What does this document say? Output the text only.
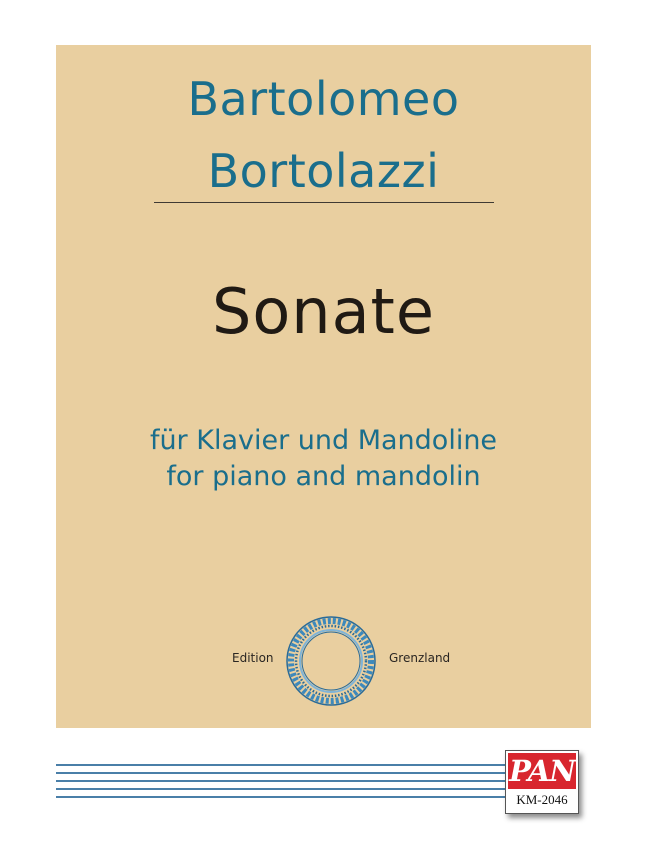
Bartolomeo
Bortolazzi
Sonate
für Klavier und Mandoline
for piano and mandolin
Edition	Grenzland
PAN
KM-2046
